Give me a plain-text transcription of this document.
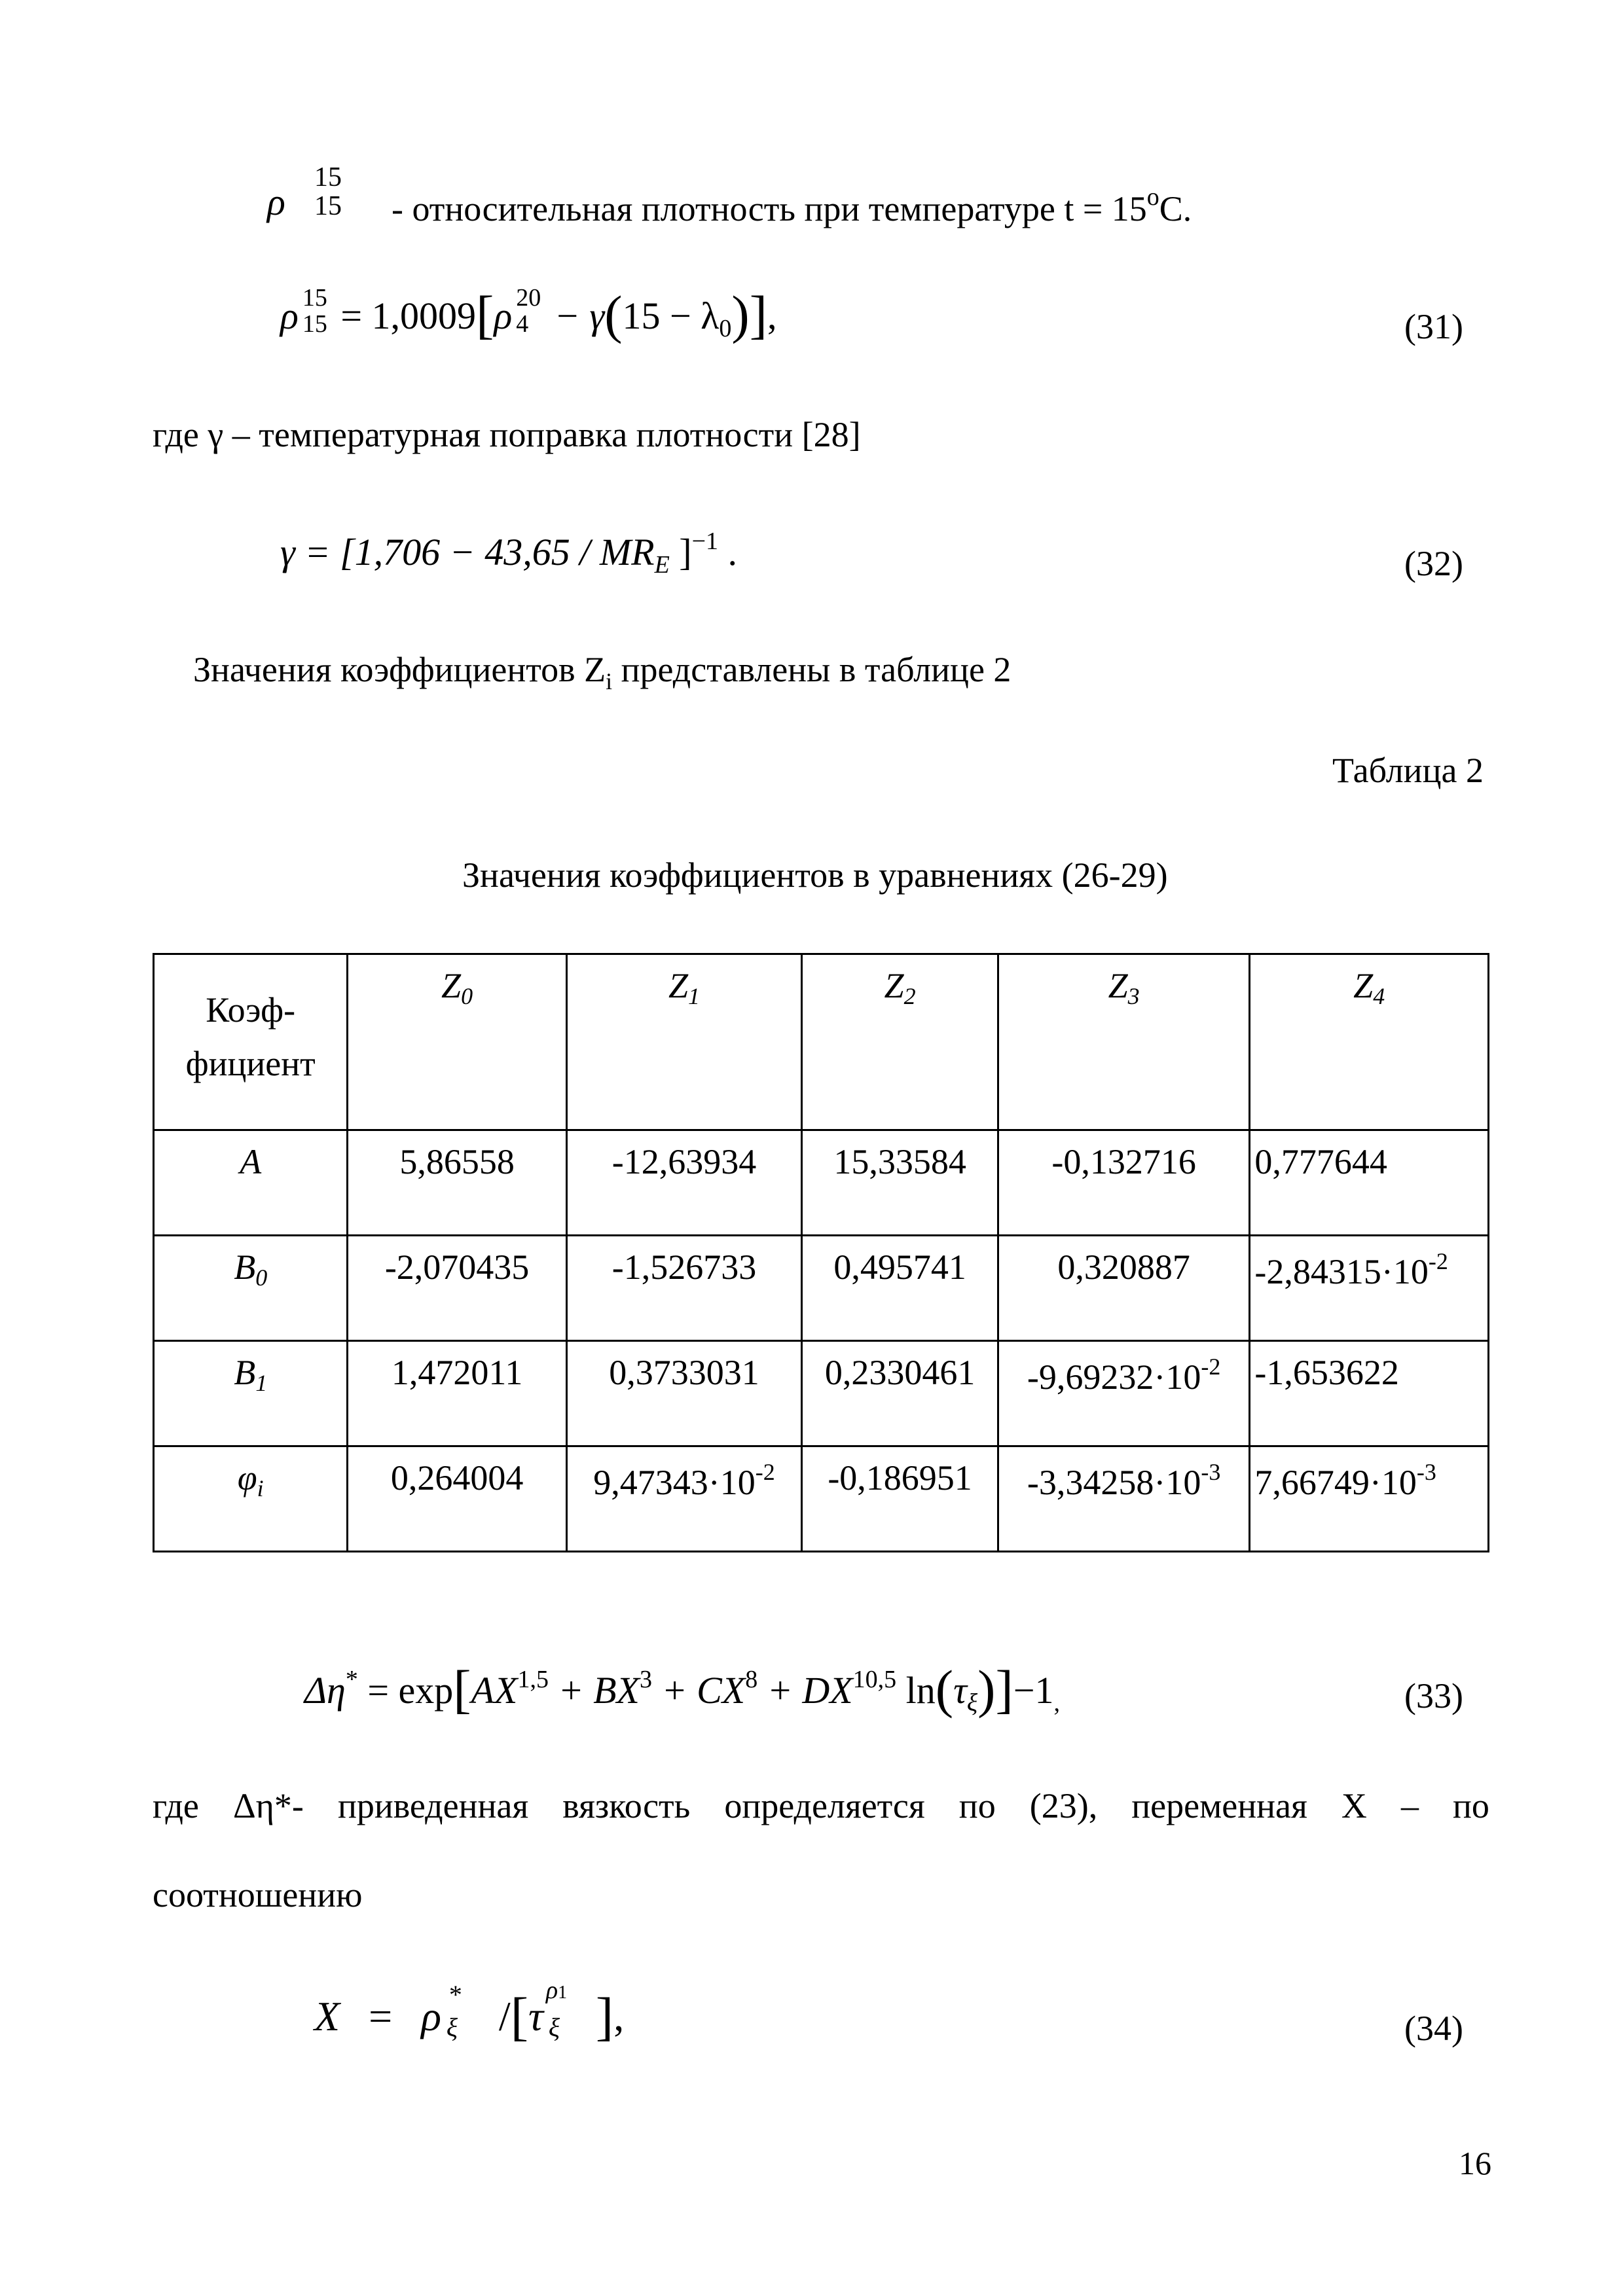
ρ
15
15 - относительная плотность при температуре $t = 15^oC$.
ρ 15
15 = 1,0009[ρ 20
$4 - \gamma(15 - \lambda_0)$],	(31)
где γ – температурная поправка плотности [28]
$\gamma = [1,706 - 43,65 / MR_E$ ]$^{-1}$ .	(32)
Значения коэффициентов $Z_i$ представлены в таблице 2
Таблица 2
Значения коэффициентов в уравнениях (26-29)
Коэф-
фициент	Z0	Z1	Z2	Z3	Z4
A	5,86558	-12,63934	15,33584	-0,132716	0,777644
B0	-2,070435	-1,526733	0,495741	0,320887	$-2,84315\cdot 10^{-2}$
B1	1,472011	0,3733031	0,2330461	$-9,69232\cdot 10^{-2}$	-1,653622
φi	0,264004	$9,47343\cdot 10^{-2}$	-0,186951	$-3,34258\cdot 10^{-3}$	$7,66749\cdot 10^{-3}$
$\Delta\eta^* = \exp[AX^{1,5} + BX^3 + CX^8 + DX^{10,5}$ $\ln(\tau_\xi)]-1_,$	(33)
где Δη*- приведенная вязкость определяется по (23), переменная X – по
соотношению
X = ρ *
ξ /[τ
ρ1
ξ ],	(34)
16
